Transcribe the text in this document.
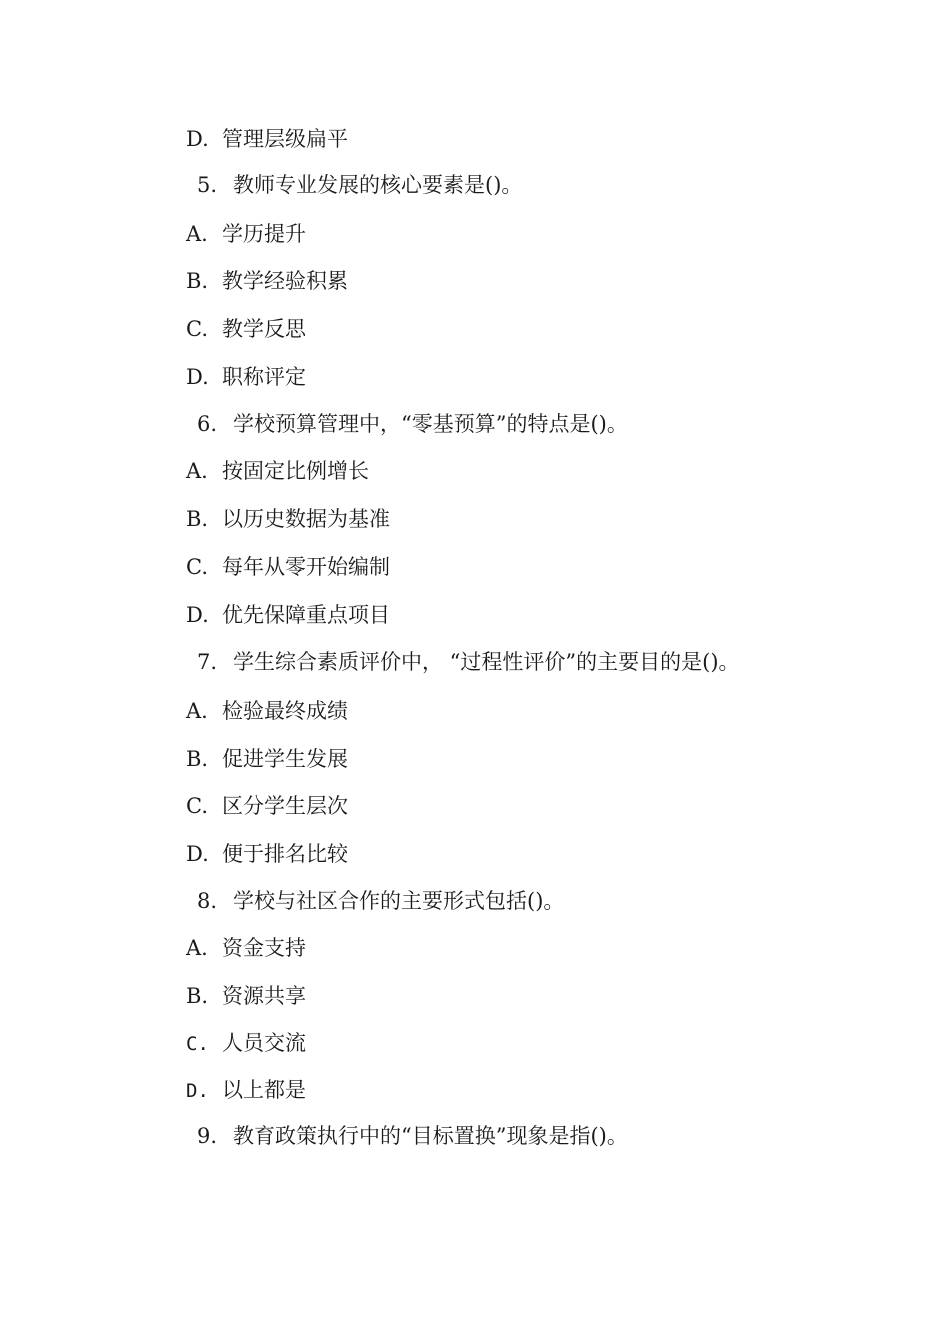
D. 管理层级扁平
5. 教师专业发展的核心要素是()。
A. 学历提升
B. 教学经验积累
C. 教学反思
D. 职称评定
6. 学校预算管理中，“零基预算”的特点是()。
A. 按固定比例增长
B. 以历史数据为基准
C. 每年从零开始编制
D. 优先保障重点项目
7. 学生综合素质评价中， “过程性评价”的主要目的是()。
A. 检验最终成绩
B. 促进学生发展
C. 区分学生层次
D. 便于排名比较
8. 学校与社区合作的主要形式包括()。
A. 资金支持
B. 资源共享
C. 人员交流
D. 以上都是
9. 教育政策执行中的“目标置换”现象是指()。
